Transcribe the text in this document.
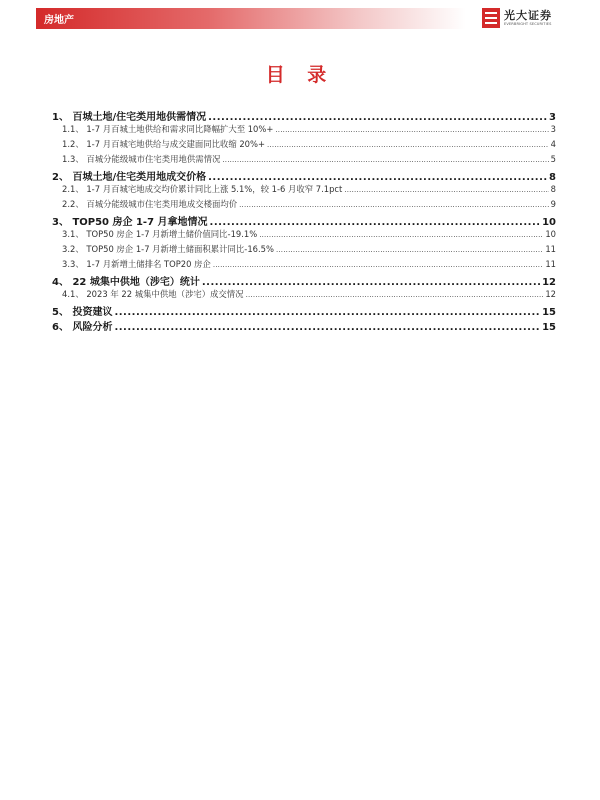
房地产	光大证券
EVERBRIGHT SECURITIES
目 录
1、 百城土地/住宅类用地供需情况 .....	3
1.1、 1-7 月百城土地供给和需求同比降幅扩大至 10%+ .....	3
1.2、 1-7 月百城宅地供给与成交建面同比收缩 20%+ .....	4
1.3、 百城分能级城市住宅类用地供需情况 .....	5
2、 百城土地/住宅类用地成交价格 .....	8
2.1、 1-7 月百城宅地成交均价累计同比上涨 5.1%，较 1-6 月收窄 7.1pct .....	8
2.2、 百城分能级城市住宅类用地成交楼面均价 .....	9
3、 TOP50 房企 1-7 月拿地情况 .....	10
3.1、 TOP50 房企 1-7 月新增土储价值同比-19.1% .....	10
3.2、 TOP50 房企 1-7 月新增土储面积累计同比-16.5% .....	11
3.3、 1-7 月新增土储排名 TOP20 房企 .....	11
4、 22 城集中供地（涉宅）统计 .....	12
4.1、 2023 年 22 城集中供地（涉宅）成交情况 .....	12
5、 投资建议 .....	15
6、 风险分析 .....	15
